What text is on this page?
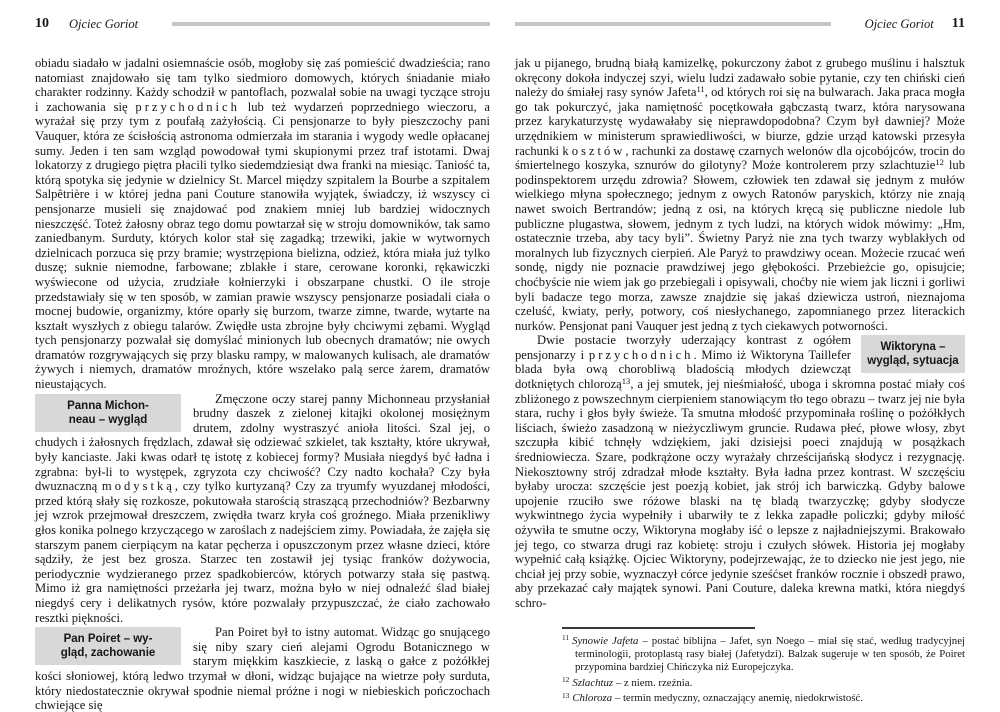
10 Ojciec Goriot

obiadu siadało w jadalni osiemnaście osób, mogłoby się zaś pomieścić dwadzieścia; rano natomiast znajdowało się tam tylko siedmioro domowych, których śniadanie miało charakter rodzinny. Każdy schodził w pantoflach, pozwalał sobie na uwagi tyczące stroju i zachowania się przychodnich lub też wydarzeń poprzedniego wieczoru, a wyrażał się przy tym z poufałą zażyłością. Ci pensjonarze to były pieszczochy pani Vauquer, która ze ścisłością astronoma odmierzała im starania i wygody wedle opłacanej sumy. Jeden i ten sam wzgląd powodował tymi skupionymi przez traf istotami. Dwaj lokatorzy z drugiego piętra płacili tylko siedemdziesiąt dwa franki na miesiąc. Taniość ta, którą spotyka się jedynie w dzielnicy St. Marcel między szpitalem la Bourbe a szpitalem Salpêtrière i w której jedna pani Couture stanowiła wyjątek, świadczy, iż wszyscy ci pensjonarze musieli się znajdować pod znakiem mniej lub bardziej widocznych nieszczęść. Toteż żałosny obraz tego domu powtarzał się w stroju domowników, tak samo zaniedbanym. Surduty, których kolor stał się zagadką; trzewiki, jakie w wytwornych dzielnicach porzuca się przy bramie; wystrzępiona bielizna, odzież, która miała już tylko duszę; suknie niemodne, farbowane; zblakłe i stare, cerowane koronki, rękawiczki wyświecone od użycia, zrudziałe kołnierzyki i obszarpane chustki. O ile stroje przedstawiały się w ten sposób, w zamian prawie wszyscy pensjonarze posiadali ciała o mocnej budowie, organizmy, które oparły się burzom, twarze zimne, twarde, wytarte na kształt wyszłych z obiegu talarów. Zwiędłe usta zbrojne były chciwymi zębami. Wygląd tych pensjonarzy pozwalał się domyślać minionych lub obecnych dramatów; nie owych dramatów rozgrywających się przy blasku rampy, w malowanych kulisach, ale dramatów żywych i niemych, dramatów mroźnych, które wszelako palą serce żarem, dramatów nieustających.

Panna Michon-
neau – wygląd
Zmęczone oczy starej panny Michonneau przysłaniał brudny daszek z zielonej kitajki okolonej mosiężnym drutem, zdolny wystraszyć anioła litości. Szal jej, o chudych i żałosnych frędzlach, zdawał się odziewać szkielet, tak kształty, które ukrywał, były kanciaste. Jaki kwas odarł tę istotę z kobiecej formy? Musiała niegdyś być ładna i zgrabna: był-li to występek, zgryzota czy chciwość? Czy nadto kochała? Czy była dwuznaczną modystką, czy tylko kurtyzaną? Czy za tryumfy wyuzdanej młodości, przed którą słały się rozkosze, pokutowała starością straszącą przechodniów? Bezbarwny jej wzrok przejmował dreszczem, zwiędła twarz kryła coś groźnego. Miała przenikliwy głos konika polnego krzyczącego w zaroślach z nadejściem zimy. Powiadała, że zajęła się starszym panem cierpiącym na katar pęcherza i opuszczonym przez własne dzieci, które sądziły, że jest bez grosza. Starzec ten zostawił jej tysiąc franków dożywocia, periodycznie wydzieranego przez spadkobierców, których potwarzy stała się pastwą. Mimo iż gra namiętności przeżarła jej twarz, można było w niej odnaleźć ślad białej niegdyś cery i delikatnych rysów, które pozwalały przypuszczać, że ciało zachowało resztki piękności.

Pan Poiret – wy-
gląd, zachowanie
Pan Poiret był to istny automat. Widząc go snującego się niby szary cień alejami Ogrodu Botanicznego w starym miękkim kaszkiecie, z laską o gałce z pożółkłej kości słoniowej, którą ledwo trzymał w dłoni, widząc bujające na wietrze poły surduta, który niedostatecznie okrywał spodnie niemal próżne i nogi w niebieskich pończochach chwiejące się

Ojciec Goriot 11

jak u pijanego, brudną białą kamizelkę, pokurczony żabot z grubego muślinu i halsztuk okręcony dokoła indyczej szyi, wielu ludzi zadawało sobie pytanie, czy ten chiński cień należy do śmiałej rasy synów Jafeta$^{11}$, od których roi się na bulwarach. Jaka praca mogła go tak pokurczyć, jaka namiętność pocętkowała gąbczastą twarz, która narysowana przez karykaturzystę wydawałaby się nieprawdopodobna? Czym był dawniej? Może urzędnikiem w ministerum sprawiedliwości, w biurze, gdzie urząd katowski przesyła rachunki kosztów, rachunki za dostawę czarnych welonów dla ojcobójców, trocin do śmiertelnego koszyka, sznurów do gilotyny? Może kontrolerem przy szlachtuzie$^{12}$ lub podinspektorem urzędu zdrowia? Słowem, człowiek ten zdawał się jednym z mułów wielkiego młyna społecznego; jednym z owych Ratonów paryskich, którzy nie znają nawet swoich Bertrandów; jedną z osi, na których kręcą się publiczne niedole lub publiczne plugastwa, słowem, jednym z tych ludzi, na których widok mówimy: „Hm, ostatecznie trzeba, aby tacy byli”. Świetny Paryż nie zna tych twarzy wyblakłych od moralnych lub fizycznych cierpień. Ale Paryż to prawdziwy ocean. Możecie rzucać weń sondę, nigdy nie poznacie prawdziwej jego głębokości. Przebieżcie go, opisujcie; choćbyście nie wiem jak go przebiegali i opisywali, choćby nie wiem jak liczni i gorliwi byli badacze tego morza, zawsze znajdzie się jakaś dziewicza ustroń, nieznajoma czeluść, kwiaty, perły, potwory, coś niesłychanego, zapomnianego przez literackich nurków. Pensjonat pani Vauquer jest jedną z tych ciekawych potworności.

Wiktoryna –
wygląd, sytuacja
Dwie postacie tworzyły uderzający kontrast z ogółem pensjonarzy i przychodnich. Mimo iż Wiktoryna Taillefer blada była ową chorobliwą bladością młodych dziewcząt dotkniętych chlorozą$^{13}$, a jej smutek, jej nieśmiałość, uboga i skromna postać miały coś zbliżonego z powszechnym cierpieniem stanowiącym tło tego obrazu – twarz jej nie była stara, ruchy i głos były świeże. Ta smutna młodość przypominała roślinę o pożółkłych liściach, świeżo zasadzoną w nieżyczliwym gruncie. Rudawa płeć, płowe włosy, zbyt szczupła kibić tchnęły wdziękiem, jaki dzisiejsi poeci znajdują w posążkach średniowiecza. Szare, podkrążone oczy wyrażały chrześcijańską słodycz i rezygnację. Niekosztowny strój zdradzał młode kształty. Była ładna przez kontrast. W szczęściu byłaby urocza: szczęście jest poezją kobiet, jak strój ich barwiczką. Gdyby balowe upojenie rzuciło swe różowe blaski na tę bladą twarzyczkę; gdyby słodycze wykwintnego życia wypełniły i ubarwiły te z lekka zapadłe policzki; gdyby miłość ożywiła te smutne oczy, Wiktoryna mogłaby iść o lepsze z najładniejszymi. Brakowało jej tego, co stwarza drugi raz kobietę: stroju i czułych słówek. Historia jej mogłaby wypełnić całą książkę. Ojciec Wiktoryny, podejrzewając, że to dziecko nie jest jego, nie chciał jej przy sobie, wyznaczył córce jedynie sześćset franków rocznie i obszedł prawo, aby przekazać cały majątek synowi. Pani Couture, daleka krewna matki, która niegdyś schro-

$^{11}$ Synowie Jafeta – postać biblijna – Jafet, syn Noego – miał się stać, według tradycyjnej terminologii, protoplastą rasy białej (Jafetydzi). Balzak sugeruje w ten sposób, że Poiret przypomina bardziej Chińczyka niż Europejczyka.

$^{12}$ Szlachtuz – z niem. rzeźnia.

$^{13}$ Chloroza – termin medyczny, oznaczający anemię, niedokrwistość.
